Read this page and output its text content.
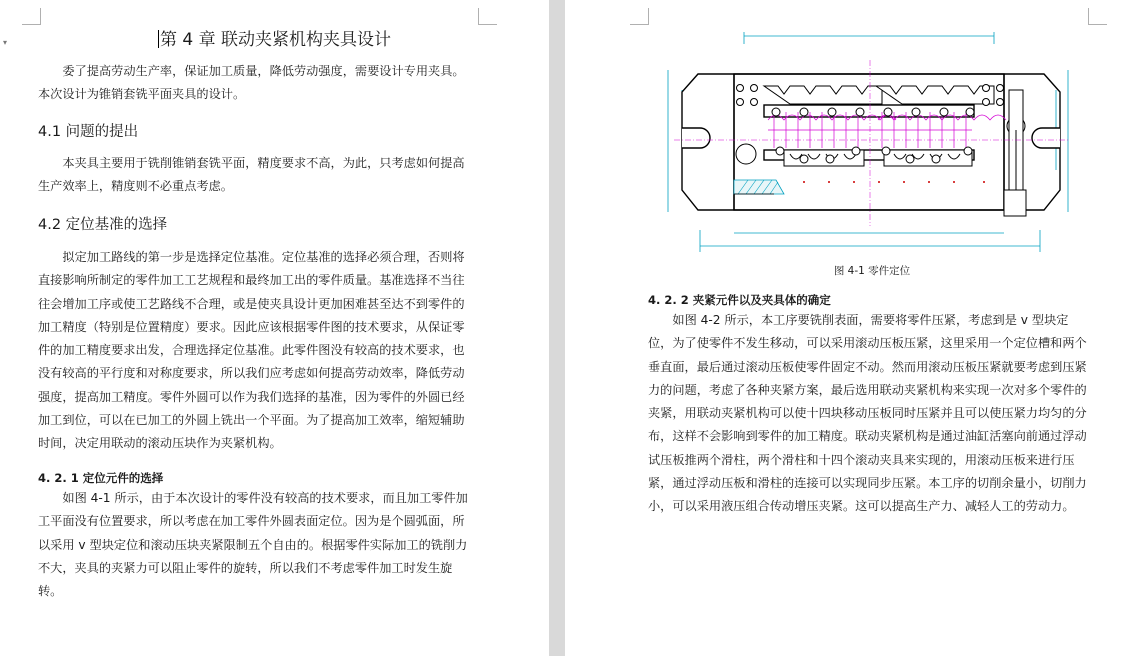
▾	第 4 章 联动夹紧机构夹具设计

委了提高劳动生产率，保证加工质量，降低劳动强度，需要设计专用夹具。本次设计为锥销套铣平面夹具的设计。

4.1 问题的提出

本夹具主要用于铣削锥销套铣平面，精度要求不高，为此，只考虑如何提高生产效率上，精度则不必重点考虑。

4.2 定位基准的选择

拟定加工路线的第一步是选择定位基准。定位基准的选择必须合理，否则将直接影响所制定的零件加工工艺规程和最终加工出的零件质量。基准选择不当往往会增加工序或使工艺路线不合理，或是使夹具设计更加困难甚至达不到零件的加工精度（特别是位置精度）要求。因此应该根据零件图的技术要求，从保证零件的加工精度要求出发，合理选择定位基准。此零件图没有较高的技术要求，也没有较高的平行度和对称度要求，所以我们应考虑如何提高劳动效率，降低劳动强度，提高加工精度。零件外圆可以作为我们选择的基准，因为零件的外圆已经加工到位，可以在已加工的外圆上铣出一个平面。为了提高加工效率，缩短辅助时间，决定用联动的滚动压块作为夹紧机构。

4. 2. 1 定位元件的选择

如图 4-1 所示，由于本次设计的零件没有较高的技术要求，而且加工零件加工平面没有位置要求，所以考虑在加工零件外圆表面定位。因为是个圆弧面，所以采用 v 型块定位和滚动压块夹紧限制五个自由的。根据零件实际加工的铣削力不大，夹具的夹紧力可以阻止零件的旋转，所以我们不考虑零件加工时发生旋转。

图 4-1 零件定位

4. 2. 2 夹紧元件以及夹具体的确定

如图 4-2 所示，本工序要铣削表面，需要将零件压紧，考虑到是 v 型块定位，为了使零件不发生移动，可以采用滚动压板压紧，这里采用一个定位槽和两个垂直面，最后通过滚动压板使零件固定不动。然而用滚动压板压紧就要考虑到压紧力的问题，考虑了各种夹紧方案，最后选用联动夹紧机构来实现一次对多个零件的夹紧，用联动夹紧机构可以使十四块移动压板同时压紧并且可以使压紧力均匀的分布，这样不会影响到零件的加工精度。联动夹紧机构是通过油缸活塞向前通过浮动试压板推两个滑柱，两个滑柱和十四个滚动夹具来实现的，用滚动压板来进行压紧，通过浮动压板和滑柱的连接可以实现同步压紧。本工序的切削余量小，切削力小，可以采用液压组合传动增压夹紧。这可以提高生产力、减轻人工的劳动力。
